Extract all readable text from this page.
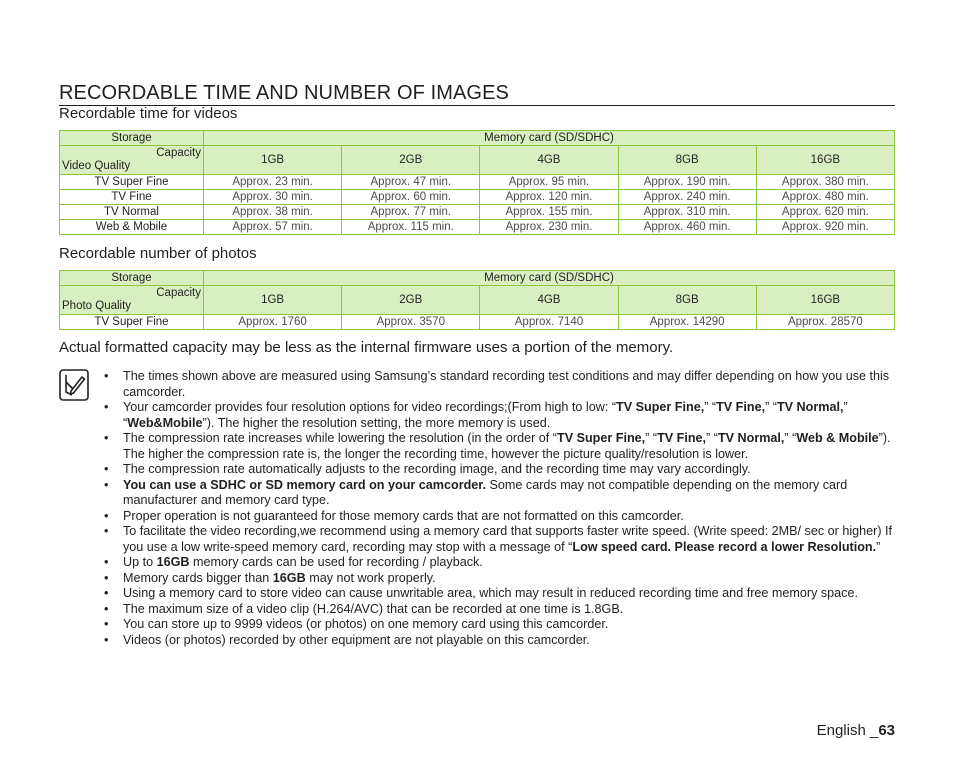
RECORDABLE TIME AND NUMBER OF IMAGES
Recordable time for videos
Storage	Memory card (SD/SDHC)				

Capacity
Video Quality	1GB	2GB	4GB	8GB	16GB
TV Super Fine	Approx. 23 min.	Approx. 47 min.	Approx. 95 min.	Approx. 190 min.	Approx. 380 min.
TV Fine	Approx. 30 min.	Approx. 60 min.	Approx. 120 min.	Approx. 240 min.	Approx. 480 min.
TV Normal	Approx. 38 min.	Approx. 77 min.	Approx. 155 min.	Approx. 310 min.	Approx. 620 min.
Web & Mobile	Approx. 57 min.	Approx. 115 min.	Approx. 230 min.	Approx. 460 min.	Approx. 920 min.
Recordable number of photos
Storage	Memory card (SD/SDHC)				

Capacity
Photo Quality	1GB	2GB	4GB	8GB	16GB
TV Super Fine	Approx. 1760	Approx. 3570	Approx. 7140	Approx. 14290	Approx. 28570
Actual formatted capacity may be less as the internal firmware uses a portion of the memory.
• The times shown above are measured using Samsung’s standard recording test conditions and may differ depending on how you use this camcorder.
• Your camcorder provides four resolution options for video recordings;(From high to low: “TV Super Fine,” “TV Fine,” “TV Normal,” “Web&Mobile”). The higher the resolution setting, the more memory is used.
• The compression rate increases while lowering the resolution (in the order of “TV Super Fine,” “TV Fine,” “TV Normal,” “Web & Mobile”). The higher the compression rate is, the longer the recording time, however the picture quality/resolution is lower.
• The compression rate automatically adjusts to the recording image, and the recording time may vary accordingly.
• You can use a SDHC or SD memory card on your camcorder. Some cards may not compatible depending on the memory card manufacturer and memory card type.
• Proper operation is not guaranteed for those memory cards that are not formatted on this camcorder.
• To facilitate the video recording,we recommend using a memory card that supports faster write speed. (Write speed: 2MB/ sec or higher) If you use a low write-speed memory card, recording may stop with a message of “Low speed card. Please record a lower Resolution.”
• Up to 16GB memory cards can be used for recording / playback.
• Memory cards bigger than 16GB may not work properly.
• Using a memory card to store video can cause unwritable area, which may result in reduced recording time and free memory space.
• The maximum size of a video clip (H.264/AVC) that can be recorded at one time is 1.8GB.
• You can store up to 9999 videos (or photos) on one memory card using this camcorder.
• Videos (or photos) recorded by other equipment are not playable on this camcorder.
English _63
